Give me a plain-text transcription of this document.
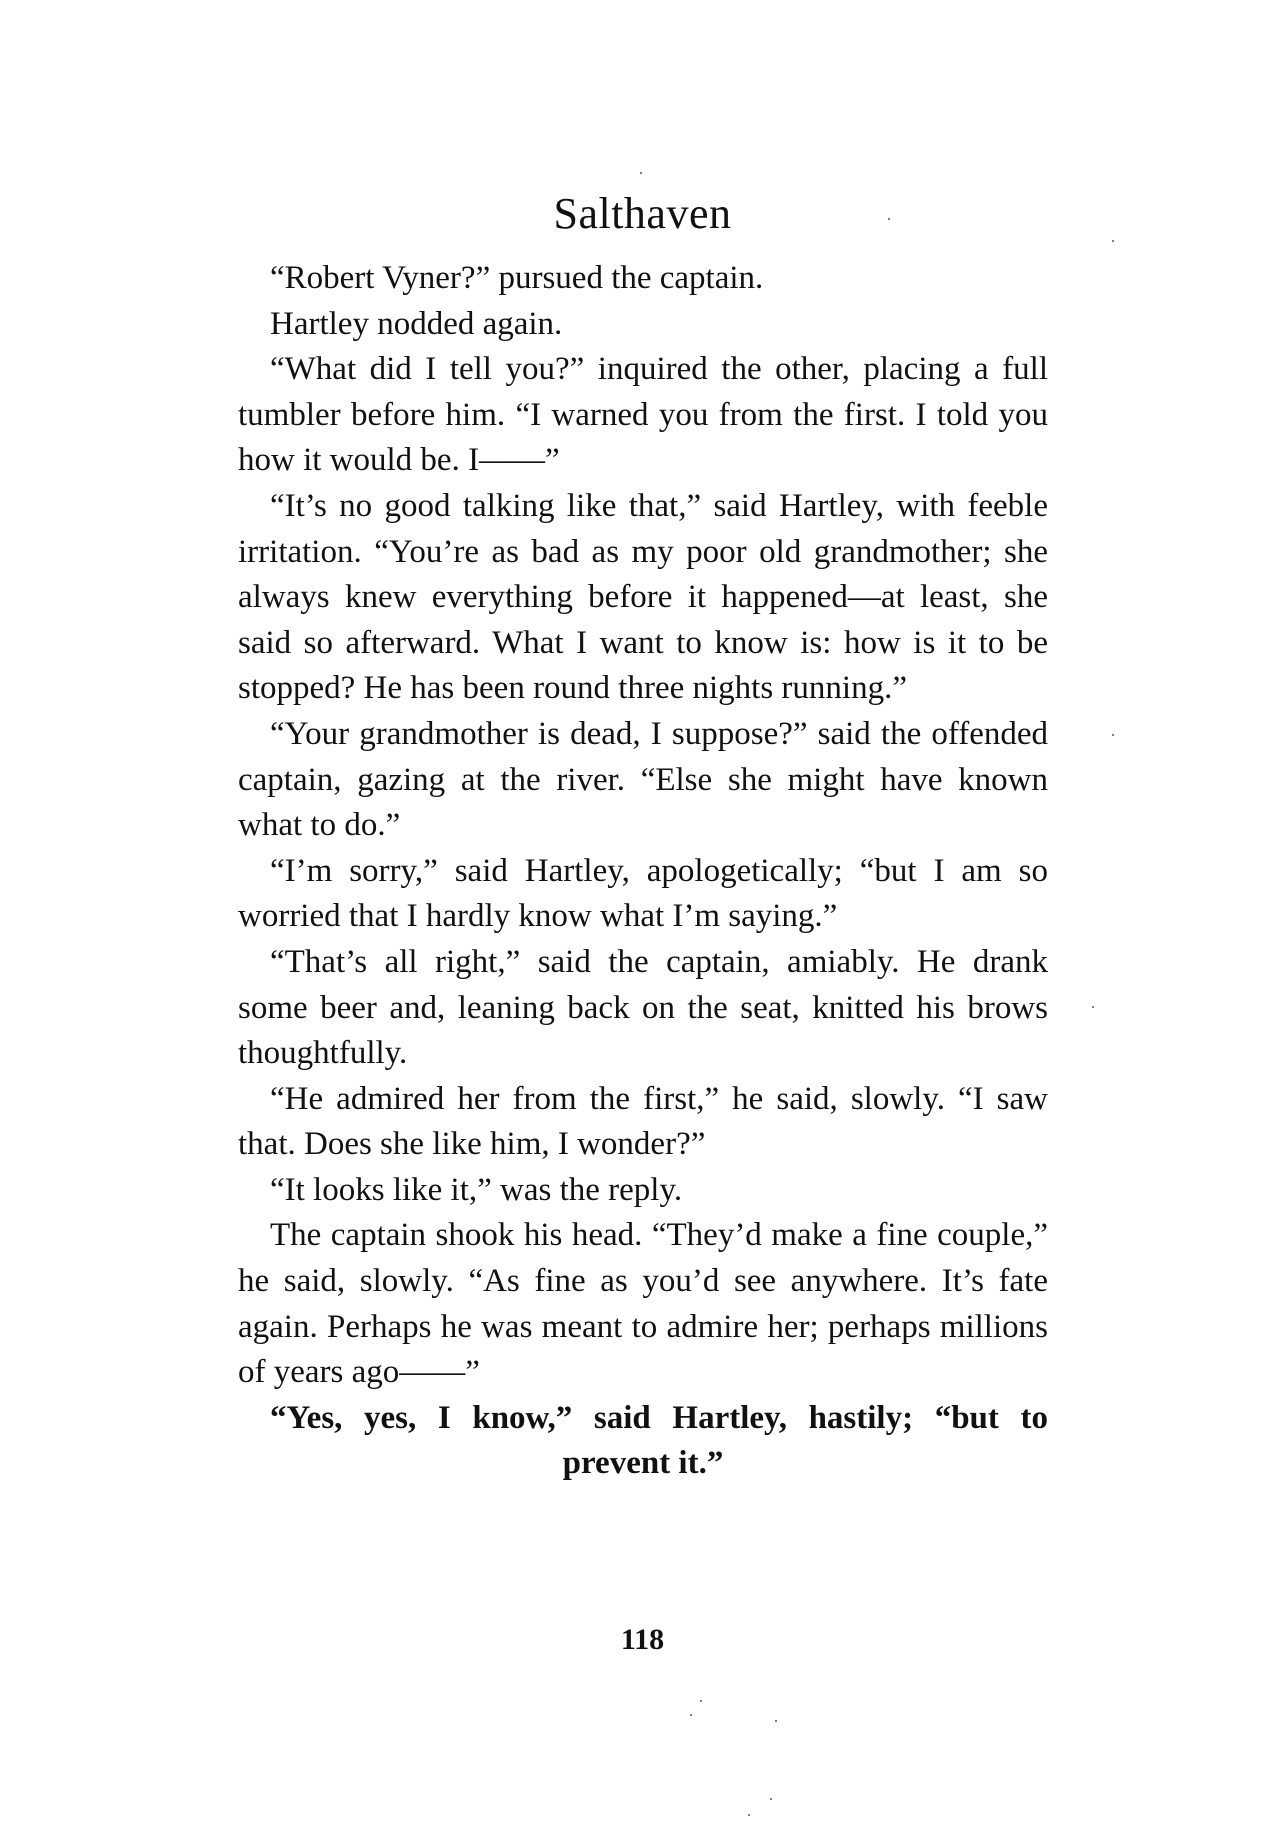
Salthaven

“Robert Vyner?” pursued the captain.

Hartley nodded again.

“What did I tell you?” inquired the other, placing a full tumbler before him. “I warned you from the first. I told you how it would be. I——”

“It’s no good talking like that,” said Hartley, with feeble irritation. “You’re as bad as my poor old grandmother; she always knew everything before it happened—at least, she said so afterward. What I want to know is: how is it to be stopped? He has been round three nights running.”

“Your grandmother is dead, I suppose?” said the offended captain, gazing at the river. “Else she might have known what to do.”

“I’m sorry,” said Hartley, apologetically; “but I am so worried that I hardly know what I’m saying.”

“That’s all right,” said the captain, amiably. He drank some beer and, leaning back on the seat, knitted his brows thoughtfully.

“He admired her from the first,” he said, slowly. “I saw that. Does she like him, I wonder?”

“It looks like it,” was the reply.

The captain shook his head. “They’d make a fine couple,” he said, slowly. “As fine as you’d see anywhere. It’s fate again. Perhaps he was meant to admire her; perhaps millions of years ago——”

“Yes, yes, I know,” said Hartley, hastily; “but to prevent it.”

118
